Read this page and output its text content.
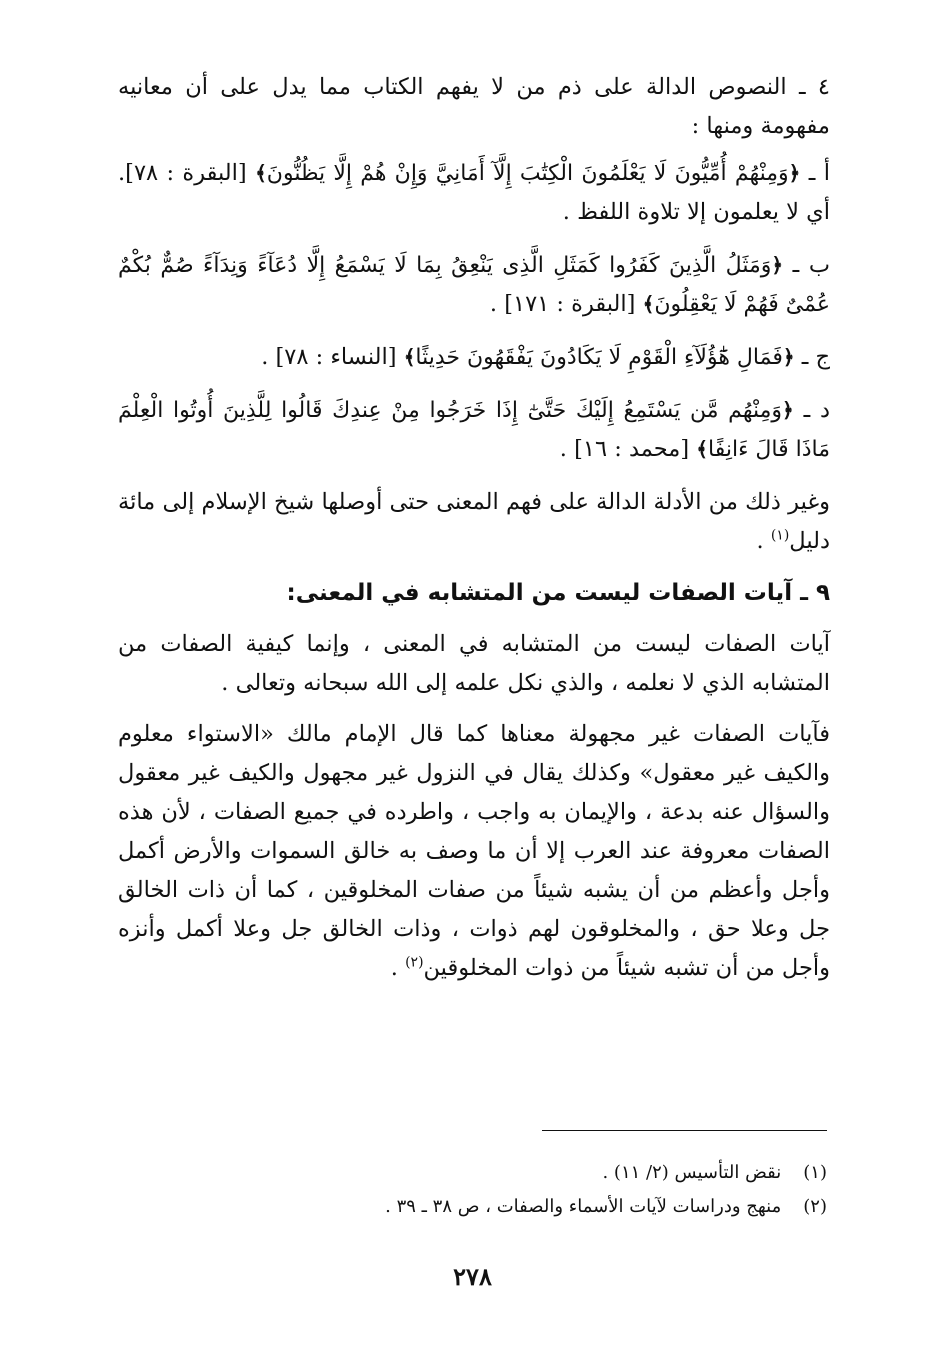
٤ ـ النصوص الدالة على ذم من لا يفهم الكتاب مما يدل على أن معانيه مفهومة ومنها :

أ ـ ﴿وَمِنْهُمْ أُمِّيُّونَ لَا يَعْلَمُونَ الْكِتَٰبَ إِلَّآ أَمَانِيَّ وَإِنْ هُمْ إِلَّا يَظُنُّونَ﴾ [البقرة : ٧٨]. أي لا يعلمون إلا تلاوة اللفظ .

ب ـ ﴿وَمَثَلُ الَّذِينَ كَفَرُوا كَمَثَلِ الَّذِى يَنْعِقُ بِمَا لَا يَسْمَعُ إِلَّا دُعَآءً وَنِدَآءً صُمٌّ بُكْمٌ عُمْىٌ فَهُمْ لَا يَعْقِلُونَ﴾ [البقرة : ١٧١] .

ج ـ ﴿فَمَالِ هَٰٓؤُلَآءِ الْقَوْمِ لَا يَكَادُونَ يَفْقَهُونَ حَدِيثًا﴾ [النساء : ٧٨] .

د ـ ﴿وَمِنْهُم مَّن يَسْتَمِعُ إِلَيْكَ حَتَّىٰٓ إِذَا خَرَجُوا مِنْ عِندِكَ قَالُوا لِلَّذِينَ أُوتُوا الْعِلْمَ مَاذَا قَالَ ءَانِفًا﴾ [محمد : ١٦] .

وغير ذلك من الأدلة الدالة على فهم المعنى حتى أوصلها شيخ الإسلام إلى مائة دليل$^{(١)}$ .

٩ ـ آيات الصفات ليست من المتشابه في المعنى:

آيات الصفات ليست من المتشابه في المعنى ، وإنما كيفية الصفات من المتشابه الذي لا نعلمه ، والذي نكل علمه إلى الله سبحانه وتعالى .

فآيات الصفات غير مجهولة معناها كما قال الإمام مالك «الاستواء معلوم والكيف غير معقول» وكذلك يقال في النزول غير مجهول والكيف غير معقول والسؤال عنه بدعة ، والإيمان به واجب ، واطرده في جميع الصفات ، لأن هذه الصفات معروفة عند العرب إلا أن ما وصف به خالق السموات والأرض أكمل وأجل وأعظم من أن يشبه شيئاً من صفات المخلوقين ، كما أن ذات الخالق جل وعلا حق ، والمخلوقون لهم ذوات ، وذات الخالق جل وعلا أكمل وأنزه وأجل من أن تشبه شيئاً من ذوات المخلوقين$^{(٢)}$ .

(١) نقض التأسيس (٢/ ١١) .

(٢) منهج ودراسات لآيات الأسماء والصفات ، ص ٣٨ ـ ٣٩ .

٢٧٨
